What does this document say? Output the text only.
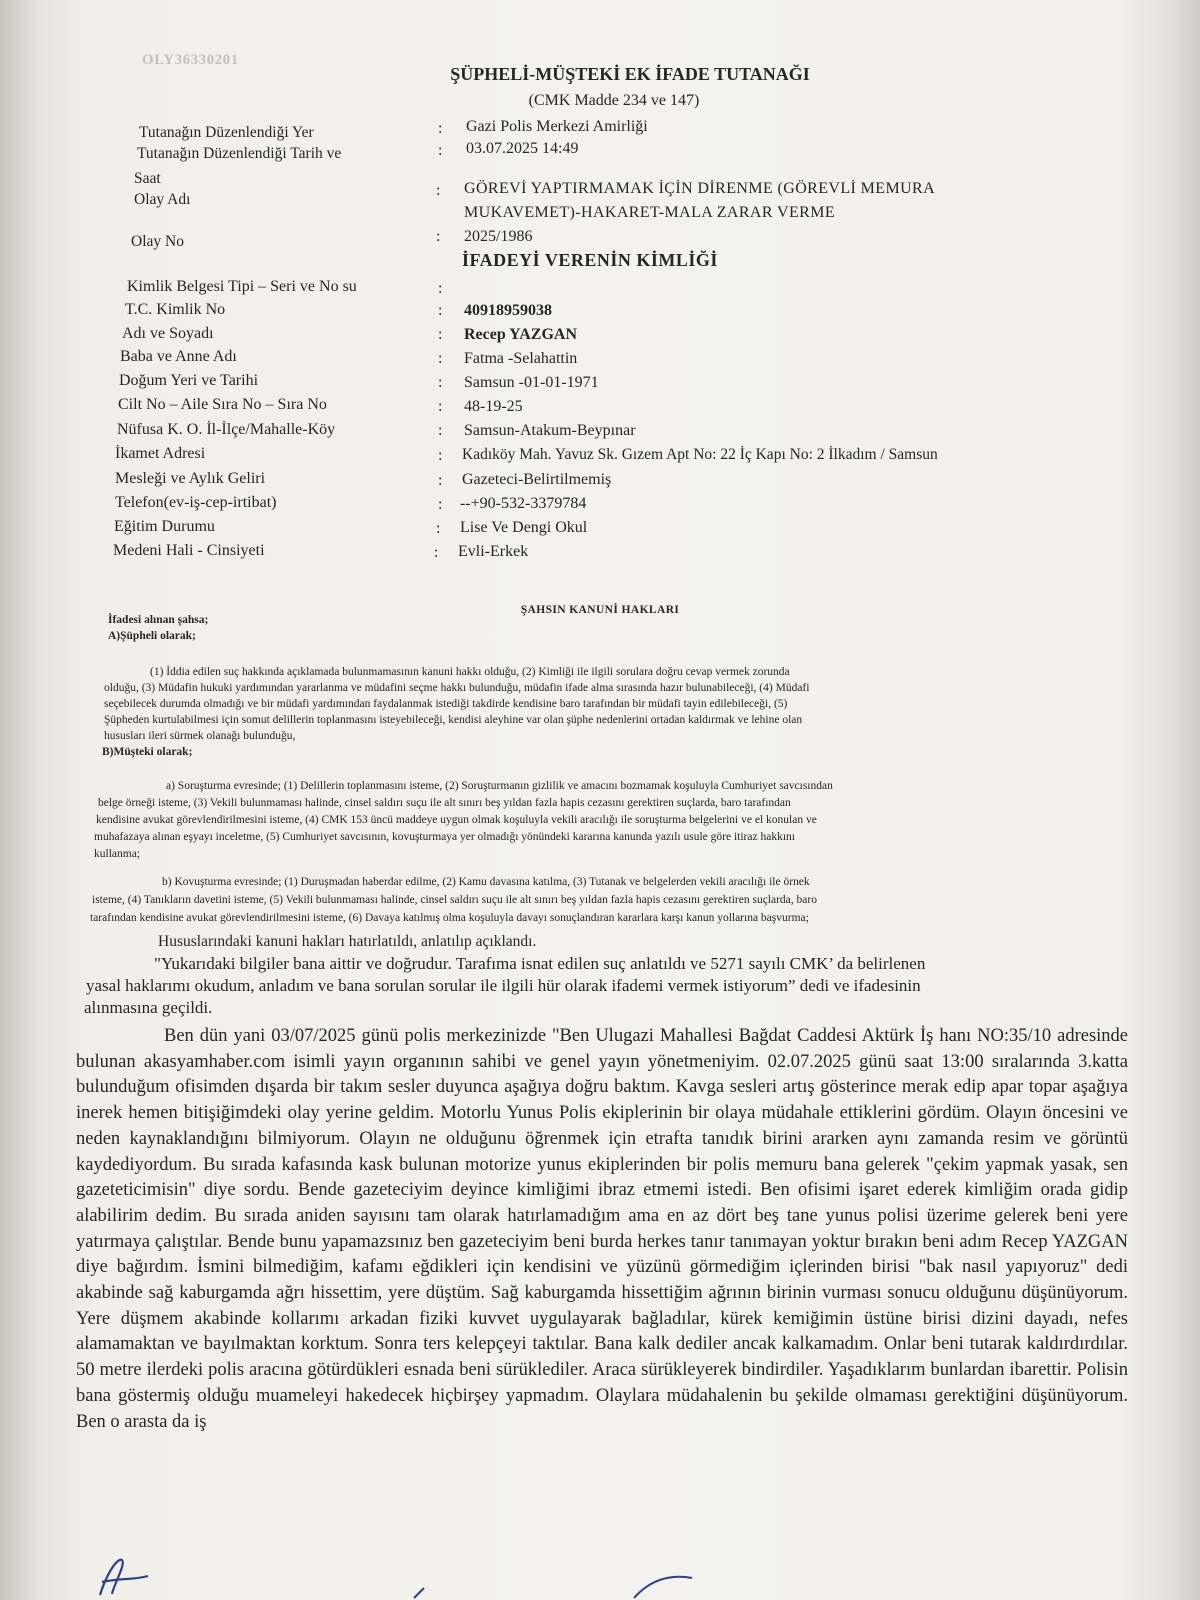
OLY36330201
ŞÜPHELİ-MÜŞTEKİ EK İFADE TUTANAĞI
(CMK Madde 234 ve 147)
Tutanağın Düzenlendiği Yer	: Gazi Polis Merkezi Amirliği
Tutanağın Düzenlendiği Tarih ve
Saat
: 03.07.2025 14:49
Olay Adı
: GÖREVİ YAPTIRMAMAK İÇİN DİRENME (GÖREVLİ MEMURA
MUKAVEMET)-HAKARET-MALA ZARAR VERME
Olay No	: 2025/1986
İFADEYİ VERENİN KİMLİĞİ
Kimlik Belgesi Tipi – Seri ve No su	:
T.C. Kimlik No	: 40918959038
Adı ve Soyadı	: Recep YAZGAN
Baba ve Anne Adı	: Fatma -Selahattin
Doğum Yeri ve Tarihi	: Samsun -01-01-1971
Cilt No – Aile Sıra No – Sıra No	: 48-19-25
Nüfusa K. O. İl-İlçe/Mahalle-Köy	: Samsun-Atakum-Beypınar
İkamet Adresi	: Kadıköy Mah. Yavuz Sk. Gızem Apt No: 22 İç Kapı No: 2 İlkadım / Samsun
Mesleği ve Aylık Geliri	: Gazeteci-Belirtilmemiş
Telefon(ev-iş-cep-irtibat)	: --+90-532-3379784
Eğitim Durumu	: Lise Ve Dengi Okul
Medeni Hali - Cinsiyeti	: Evli-Erkek
ŞAHSIN KANUNİ HAKLARI
İfadesi alınan şahsa;
A)Şüpheli olarak;
(1) İddia edilen suç hakkında açıklamada bulunmamasının kanuni hakkı olduğu, (2) Kimliği ile ilgili sorulara doğru cevap vermek zorunda
olduğu, (3) Müdafin hukuki yardımından yararlanma ve müdafini seçme hakkı bulunduğu, müdafin ifade alma sırasında hazır bulunabileceği, (4) Müdafi
seçebilecek durumda olmadığı ve bir müdafi yardımından faydalanmak istediği takdirde kendisine baro tarafından bir müdafi tayin edilebileceği, (5)
Şüpheden kurtulabilmesi için somut delillerin toplanmasını isteyebileceği, kendisi aleyhine var olan şüphe nedenlerini ortadan kaldırmak ve lehine olan
hususları ileri sürmek olanağı bulunduğu,
B)Müşteki olarak;
a) Soruşturma evresinde; (1) Delillerin toplanmasını isteme, (2) Soruşturmanın gizlilik ve amacını bozmamak koşuluyla Cumhuriyet savcısından
belge örneği isteme, (3) Vekili bulunmaması halinde, cinsel saldırı suçu ile alt sınırı beş yıldan fazla hapis cezasını gerektiren suçlarda, baro tarafından
kendisine avukat görevlendirilmesini isteme, (4) CMK 153 üncü maddeye uygun olmak koşuluyla vekili aracılığı ile soruşturma belgelerini ve el konulan ve
muhafazaya alınan eşyayı inceletme, (5) Cumhuriyet savcısının, kovuşturmaya yer olmadığı yönündeki kararına kanunda yazılı usule göre itiraz hakkını
kullanma;
b) Kovuşturma evresinde; (1) Duruşmadan haberdar edilme, (2) Kamu davasına katılma, (3) Tutanak ve belgelerden vekili aracılığı ile örnek
isteme, (4) Tanıkların davetini isteme, (5) Vekili bulunmaması halinde, cinsel saldırı suçu ile alt sınırı beş yıldan fazla hapis cezasını gerektiren suçlarda, baro
tarafından kendisine avukat görevlendirilmesini isteme, (6) Davaya katılmış olma koşuluyla davayı sonuçlandıran kararlara karşı kanun yollarına başvurma;
Hususlarındaki kanuni hakları hatırlatıldı, anlatılıp açıklandı.
"Yukarıdaki bilgiler bana aittir ve doğrudur. Tarafıma isnat edilen suç anlatıldı ve 5271 sayılı CMK’ da belirlenen
yasal haklarımı okudum, anladım ve bana sorulan sorular ile ilgili hür olarak ifademi vermek istiyorum” dedi ve ifadesinin
alınmasına geçildi.

Ben dün yani 03/07/2025 günü polis merkezinizde "Ben Ulugazi Mahallesi Bağdat Caddesi Aktürk İş hanı NO:35/10 adresinde bulunan akasyamhaber.com isimli yayın organının sahibi ve genel yayın yönetmeniyim. 02.07.2025 günü saat 13:00 sıralarında 3.katta bulunduğum ofisimden dışarda bir takım sesler duyunca aşağıya doğru baktım. Kavga sesleri artış gösterince merak edip apar topar aşağıya inerek hemen bitişiğimdeki olay yerine geldim. Motorlu Yunus Polis ekiplerinin bir olaya müdahale ettiklerini gördüm. Olayın öncesini ve neden kaynaklandığını bilmiyorum. Olayın ne olduğunu öğrenmek için etrafta tanıdık birini ararken aynı zamanda resim ve görüntü kaydediyordum. Bu sırada kafasında kask bulunan motorize yunus ekiplerinden bir polis memuru bana gelerek "çekim yapmak yasak, sen gazeteticimisin" diye sordu. Bende gazeteciyim deyince kimliğimi ibraz etmemi istedi. Ben ofisimi işaret ederek kimliğim orada gidip alabilirim dedim. Bu sırada aniden sayısını tam olarak hatırlamadığım ama en az dört beş tane yunus polisi üzerime gelerek beni yere yatırmaya çalıştılar. Bende bunu yapamazsınız ben gazeteciyim beni burda herkes tanır tanımayan yoktur bırakın beni adım Recep YAZGAN diye bağırdım. İsmini bilmediğim, kafamı eğdikleri için kendisini ve yüzünü görmediğim içlerinden birisi "bak nasıl yapıyoruz" dedi akabinde sağ kaburgamda ağrı hissettim, yere düştüm. Sağ kaburgamda hissettiğim ağrının birinin vurması sonucu olduğunu düşünüyorum. Yere düşmem akabinde kollarımı arkadan fiziki kuvvet uygulayarak bağladılar, kürek kemiğimin üstüne birisi dizini dayadı, nefes alamamaktan ve bayılmaktan korktum. Sonra ters kelepçeyi taktılar. Bana kalk dediler ancak kalkamadım. Onlar beni tutarak kaldırdırdılar. 50 metre ilerdeki polis aracına götürdükleri esnada beni sürüklediler. Araca sürükleyerek bindirdiler. Yaşadıklarım bunlardan ibarettir. Polisin bana göstermiş olduğu muameleyi hakedecek hiçbirşey yapmadım. Olaylara müdahalenin bu şekilde olmaması gerektiğini düşünüyorum. Ben o arasta da iş
